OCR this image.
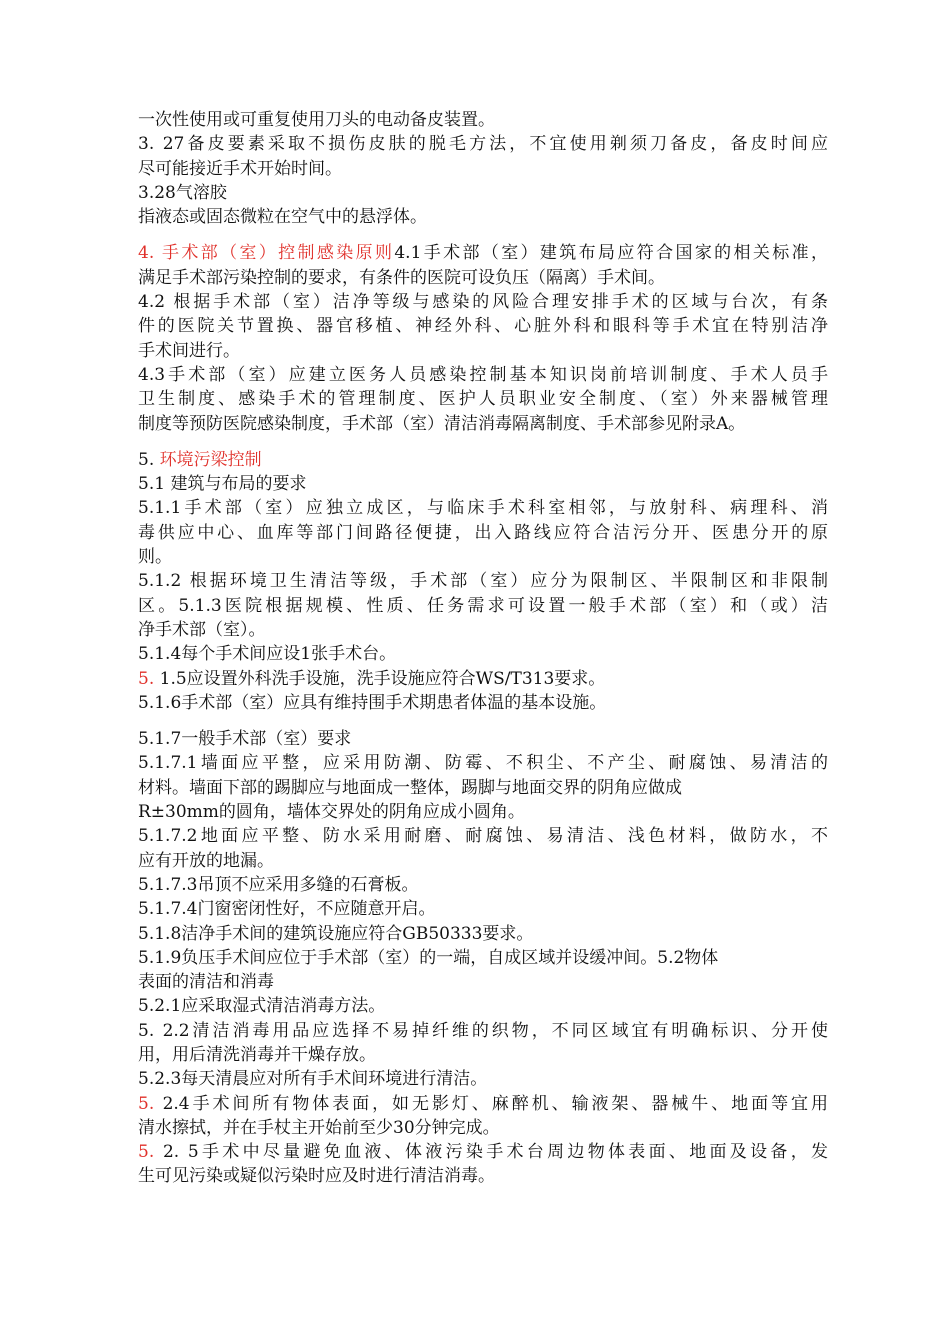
一次性使用或可重复使用刀头的电动备皮装置。
3. 27备皮要素采取不损伤皮肤的脱毛方法，不宜使用剃须刀备皮，备皮时间应
尽可能接近手术开始时间。
3.28气溶胶
指液态或固态微粒在空气中的悬浮体。
4. 手术部（室）控制感染原则4.1手术部（室）建筑布局应符合国家的相关标准，
满足手术部污染控制的要求，有条件的医院可设负压（隔离）手术间。
4.2 根据手术部（室）洁净等级与感染的风险合理安排手术的区域与台次，有条
件的医院关节置换、器官移植、神经外科、心脏外科和眼科等手术宜在特别洁净
手术间进行。
4.3手术部（室）应建立医务人员感染控制基本知识岗前培训制度、手术人员手
卫生制度、感染手术的管理制度、医护人员职业安全制度、（室）外来器械管理
制度等预防医院感染制度，手术部（室）清洁消毒隔离制度、手术部参见附录A。
5. 环境污梁控制
5.1 建筑与布局的要求
5.1.1手术部（室）应独立成区，与临床手术科室相邻，与放射科、病理科、消
毒供应中心、血库等部门间路径便捷，出入路线应符合洁污分开、医患分开的原
则。
5.1.2 根据环境卫生清洁等级，手术部（室）应分为限制区、半限制区和非限制
区。5.1.3医院根据规模、性质、任务需求可设置一般手术部（室）和（或）洁
净手术部（室）。
5.1.4每个手术间应设1张手术台。
5. 1.5应设置外科洗手设施，洗手设施应符合WS/T313要求。
5.1.6手术部（室）应具有维持围手术期患者体温的基本设施。
5.1.7一般手术部（室）要求
5.1.7.1墙面应平整，应采用防潮、防霉、不积尘、不产尘、耐腐蚀、易清洁的
材料。墙面下部的踢脚应与地面成一整体，踢脚与地面交界的阴角应做成
R±30mm的圆角，墙体交界处的阴角应成小圆角。
5.1.7.2地面应平整、防水采用耐磨、耐腐蚀、易清洁、浅色材料，做防水，不
应有开放的地漏。
5.1.7.3吊顶不应采用多缝的石膏板。
5.1.7.4门窗密闭性好，不应随意开启。
5.1.8洁净手术间的建筑设施应符合GB50333要求。
5.1.9负压手术间应位于手术部（室）的一端，自成区域并设缓冲间。5.2物体
表面的清洁和消毒
5.2.1应采取湿式清洁消毒方法。
5. 2.2清洁消毒用品应选择不易掉纤维的织物，不同区域宜有明确标识、分开使
用，用后清洗消毒并干燥存放。
5.2.3每天清晨应对所有手术间环境进行清洁。
5. 2.4手术间所有物体表面，如无影灯、麻醉机、输液架、器械牛、地面等宜用
清水擦拭，并在手杖主开始前至少30分钟完成。
5. 2. 5手术中尽量避免血液、体液污染手术台周边物体表面、地面及设备，发
生可见污染或疑似污染时应及时进行清洁消毒。
